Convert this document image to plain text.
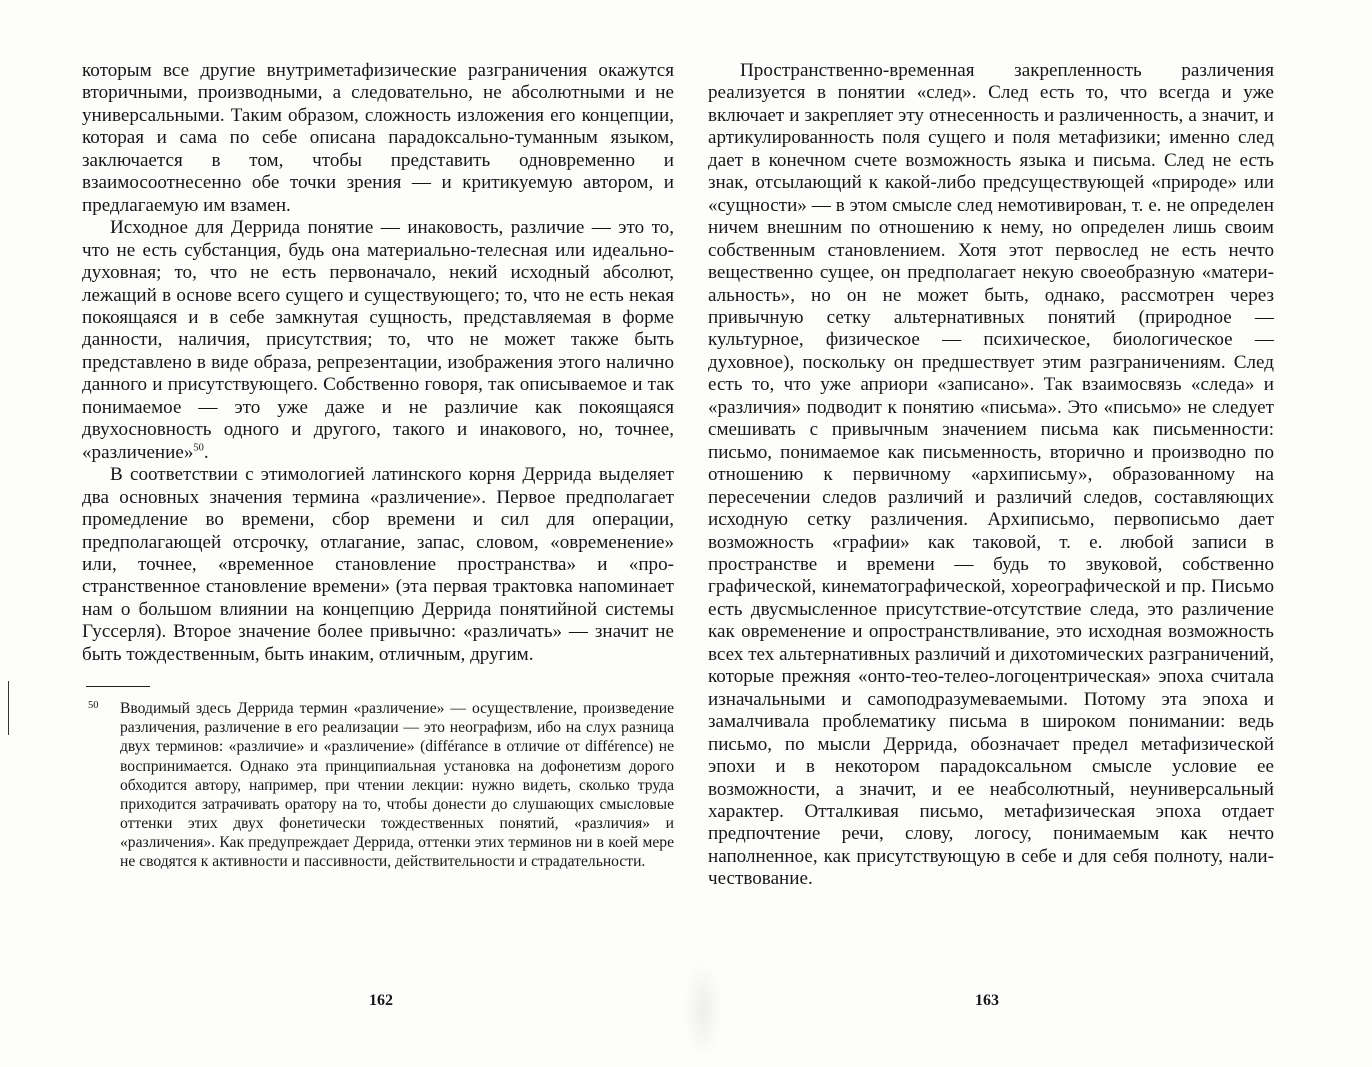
которым все другие внутриметафизические разграничения окажутся вторичными, производными, а следовательно, не абсолютными и не универсальными. Таким образом, сложность изложения его концепции, которая и сама по себе описана парадоксально-туманным языком, заключается в том, чтобы представить одновременно и взаимосоотнесенно обе точки зрения — и критикуемую автором, и предлагаемую им взамен.

Исходное для Деррида понятие — инаковость, различие — это то, что не есть субстанция, будь она материально-телесная или идеально-духовная; то, что не есть первоначало, некий исходный абсолют, лежащий в основе всего сущего и существующего; то, что не есть некая покоящаяся и в себе замкнутая сущность, представляемая в форме данности, наличия, присутствия; то, что не может также быть представлено в виде образа, репрезентации, изображения этого налично данного и присутствующего. Собственно говоря, так описываемое и так понимаемое — это уже даже и не различие как покоящаяся двухосновность одного и другого, такого и инакового, но, точнее, «различение»$^{50}$.

В соответствии с этимологией латинского корня Деррида выделяет два основных значения термина «различение». Первое предполагает промедление во времени, сбор времени и сил для операции, предполагающей отсрочку, отлагание, запас, словом, «овременение» или, точнее, «временное становление пространства» и «пространственное становление времени» (эта первая трактовка напоминает нам о большом влиянии на концепцию Деррида понятийной системы Гуссерля). Второе значение более привычно: «различать» — значит не быть тождественным, быть инаким, отличным, другим.

50 Вводимый здесь Деррида термин «различение» — осуществление, произведение различения, различение в его реализации — это неографизм, ибо на слух разница двух терминов: «различие» и «различение» (différance в отличие от différence) не воспринимается. Однако эта принципиальная установка на дофонетизм дорого обходится автору, например, при чтении лекции: нужно видеть, сколько труда приходится затрачивать оратору на то, чтобы донести до слушающих смысловые оттенки этих двух фонетически тождественных понятий, «различия» и «различения». Как предупреждает Деррида, оттенки этих терминов ни в коей мере не сводятся к активности и пассивности, действительности и страдательности.

Пространственно-временная закрепленность различения реализуется в понятии «след». След есть то, что всегда и уже включает и закрепляет эту отнесенность и различенность, а значит, и артикулированность поля сущего и поля метафизики; именно след дает в конечном счете возможность языка и письма. След не есть знак, отсылающий к какой-либо предсуществующей «природе» или «сущности» — в этом смысле след немотивирован, т. е. не определен ничем внешним по отношению к нему, но определен лишь своим собственным становлением. Хотя этот первослед не есть нечто вещественно сущее, он предполагает некую своеобразную «материальность», но он не может быть, однако, рассмотрен через привычную сетку альтернативных понятий (природное — культурное, физическое — психическое, биологическое — духовное), поскольку он предшествует этим разграничениям. След есть то, что уже априори «записано». Так взаимосвязь «следа» и «различия» подводит к понятию «письма». Это «письмо» не следует смешивать с привычным значением письма как письменности: письмо, понимаемое как письменность, вторично и производно по отношению к первичному «архиписьму», образованному на пересечении следов различий и различий следов, составляющих исходную сетку различения. Архиписьмо, первописьмо дает возможность «графии» как таковой, т. е. любой записи в пространстве и времени — будь то звуковой, собственно графической, кинематографической, хореографической и пр. Письмо есть двусмысленное присутствие-отсутствие следа, это различение как овременение и опространствливание, это исходная возможность всех тех альтернативных различий и дихотомических разграничений, которые прежняя «онто-тео-телео-логоцентрическая» эпоха считала изначальными и самоподразумеваемыми. Потому эта эпоха и замалчивала проблематику письма в широком понимании: ведь письмо, по мысли Деррида, обозначает предел метафизической эпохи и в некотором парадоксальном смысле условие ее возможности, а значит, и ее неабсолютный, неуниверсальный характер. Отталкивая письмо, метафизическая эпоха отдает предпочтение речи, слову, логосу, понимаемым как нечто наполненное, как присутствующую в себе и для себя полноту, наличествование.

162	163
